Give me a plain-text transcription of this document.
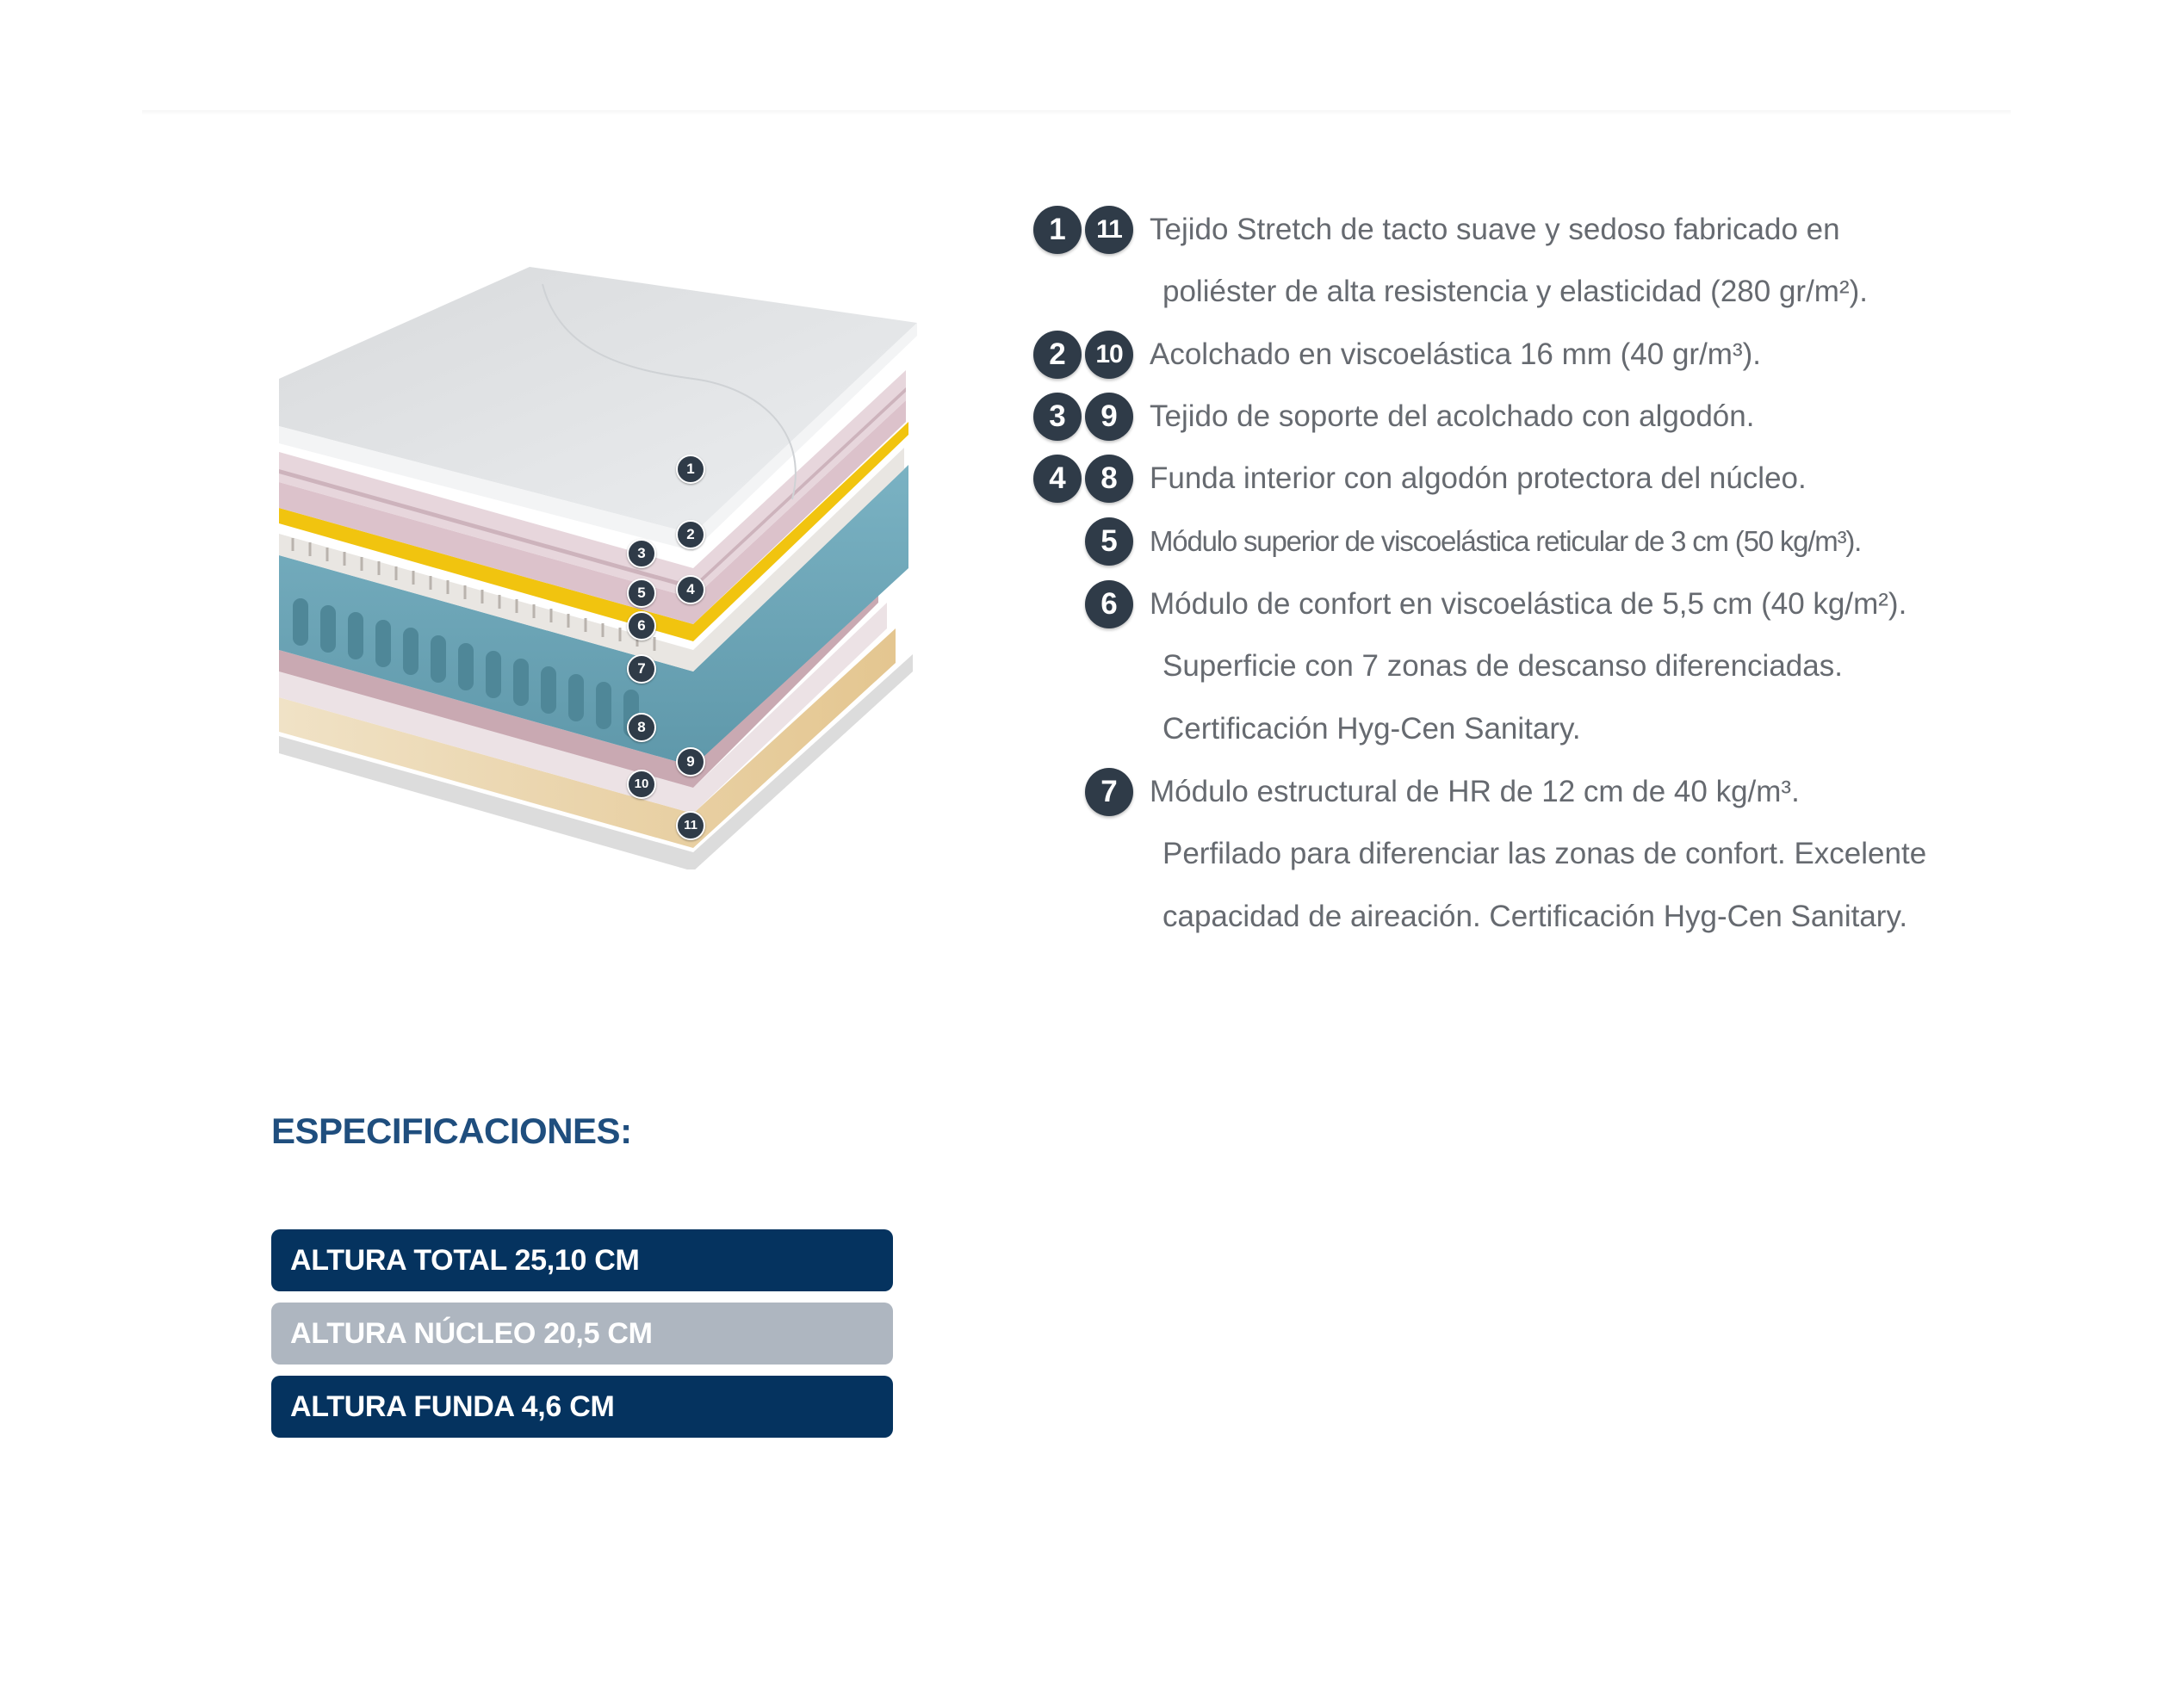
1
2
3
4
5
6
7
8
9
10
11
1	11 Tejido Stretch de tacto suave y sedoso fabricado en
poliéster de alta resistencia y elasticidad (280 gr/m²).
2	10 Acolchado en viscoelástica 16 mm (40 gr/m³).
3	9	Tejido de soporte del acolchado con algodón.
4	8	Funda interior con algodón protectora del núcleo.
5	Módulo superior de viscoelástica reticular de 3 cm (50 kg/m³).
6	Módulo de confort en viscoelástica de 5,5 cm (40 kg/m²).
Superficie con 7 zonas de descanso diferenciadas.
Certificación Hyg-Cen Sanitary.
7	Módulo estructural de HR de 12 cm de 40 kg/m³.
Perfilado para diferenciar las zonas de confort. Excelente
capacidad de aireación. Certificación Hyg-Cen Sanitary.
ESPECIFICACIONES:
ALTURA TOTAL 25,10 CM
ALTURA NÚCLEO 20,5 CM
ALTURA FUNDA 4,6 CM
